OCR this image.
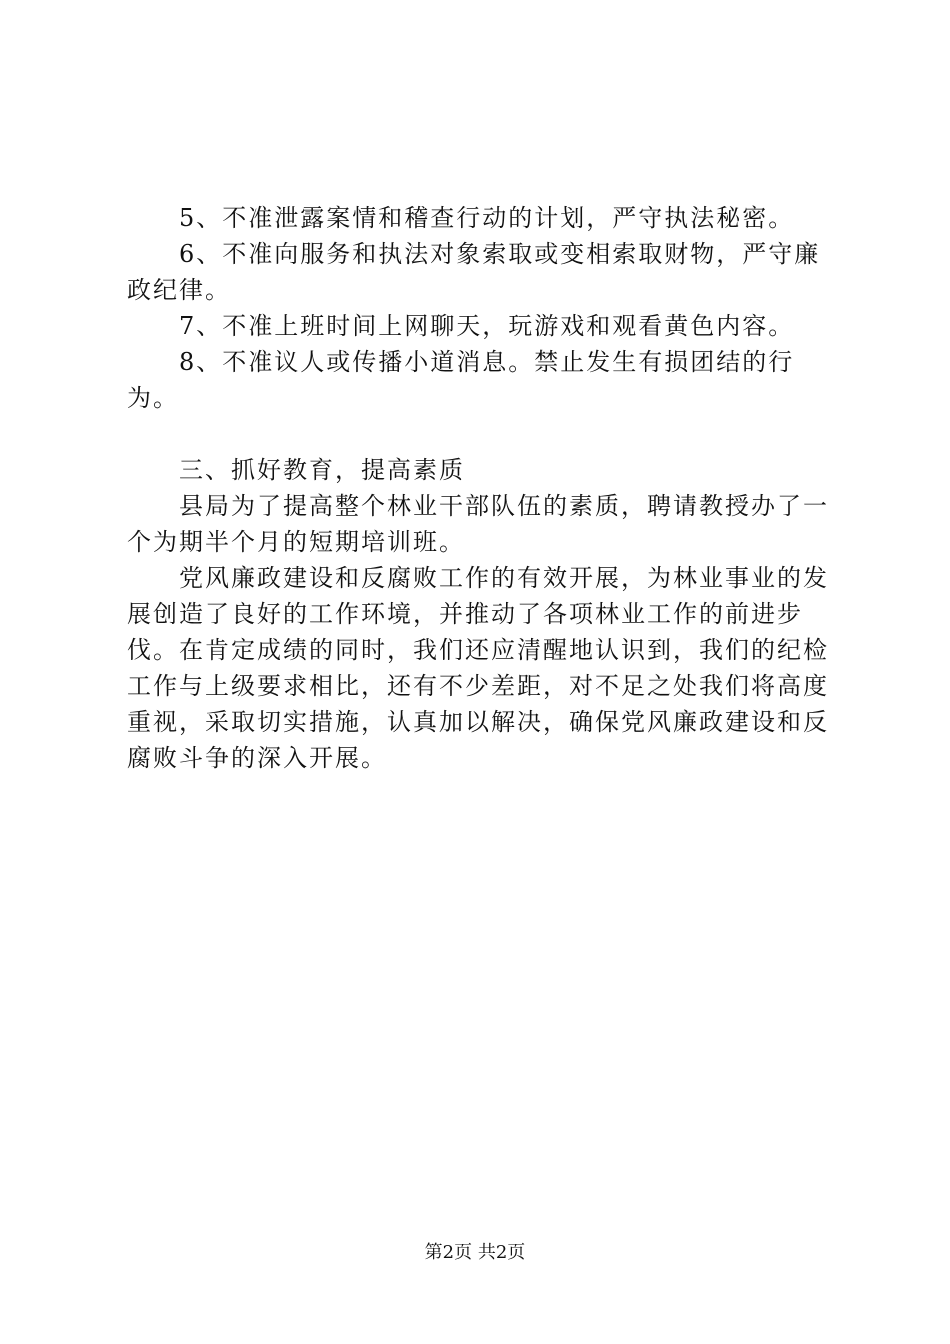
5、不准泄露案情和稽查行动的计划，严守执法秘密。

6、不准向服务和执法对象索取或变相索取财物，严守廉政纪律。

7、不准上班时间上网聊天，玩游戏和观看黄色内容。

8、不准议人或传播小道消息。禁止发生有损团结的行为。

三、抓好教育，提高素质

县局为了提高整个林业干部队伍的素质，聘请教授办了一个为期半个月的短期培训班。

党风廉政建设和反腐败工作的有效开展，为林业事业的发展创造了良好的工作环境，并推动了各项林业工作的前进步伐。在肯定成绩的同时，我们还应清醒地认识到，我们的纪检工作与上级要求相比，还有不少差距，对不足之处我们将高度重视，采取切实措施，认真加以解决，确保党风廉政建设和反腐败斗争的深入开展。

第2页 共2页
